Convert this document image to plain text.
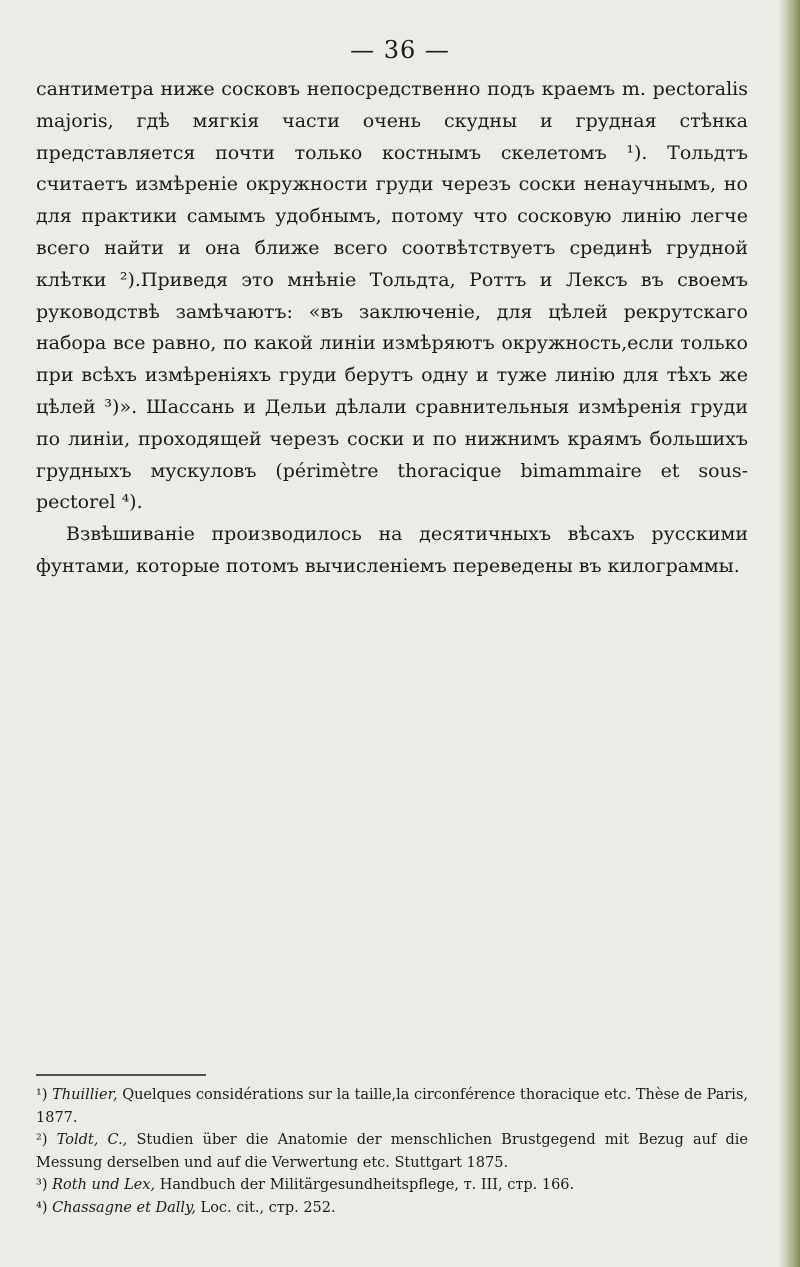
— 36 —

сантиметра ниже сосковъ непосредственно подъ краемъ m. pectoralis majoris, гдѣ мягкія части очень скудны и грудная стѣнка представляется почти только костнымъ скелетомъ ¹). Тольдтъ считаетъ измѣреніе окружности груди черезъ соски ненаучнымъ, но для практики самымъ удобнымъ, потому что сосковую линію легче всего найти и она ближе всего соотвѣтствуетъ срединѣ грудной клѣтки ²).Приведя это мнѣніе Тольдта, Роттъ и Лексъ въ своемъ руководствѣ замѣчаютъ: «въ заключеніе, для цѣлей рекрутскаго набора все равно, по какой линіи измѣряютъ окружность,если только при всѣхъ измѣреніяхъ груди берутъ одну и туже линію для тѣхъ же цѣлей ³)». Шассань и Дельи дѣлали сравнительныя измѣренія груди по линіи, проходящей черезъ соски и по нижнимъ краямъ большихъ грудныхъ мускуловъ (périmètre thoracique bimammaire et sous-pectorel ⁴).

Взвѣшиваніе производилось на десятичныхъ вѣсахъ русскими фунтами, которые потомъ вычисленіемъ переведены въ килограммы.

¹) Thuillier, Quelques considérations sur la taille,la circonférence thoracique etc. Thèse de Paris, 1877.

²) Toldt, C., Studien über die Anatomie der menschlichen Brustgegend mit Bezug auf die Messung derselben und auf die Verwertung etc. Stuttgart 1875.

³) Roth und Lex, Handbuch der Militärgesundheitspflege, т. III, стр. 166.

⁴) Chassagne et Dally, Loc. cit., стр. 252.
